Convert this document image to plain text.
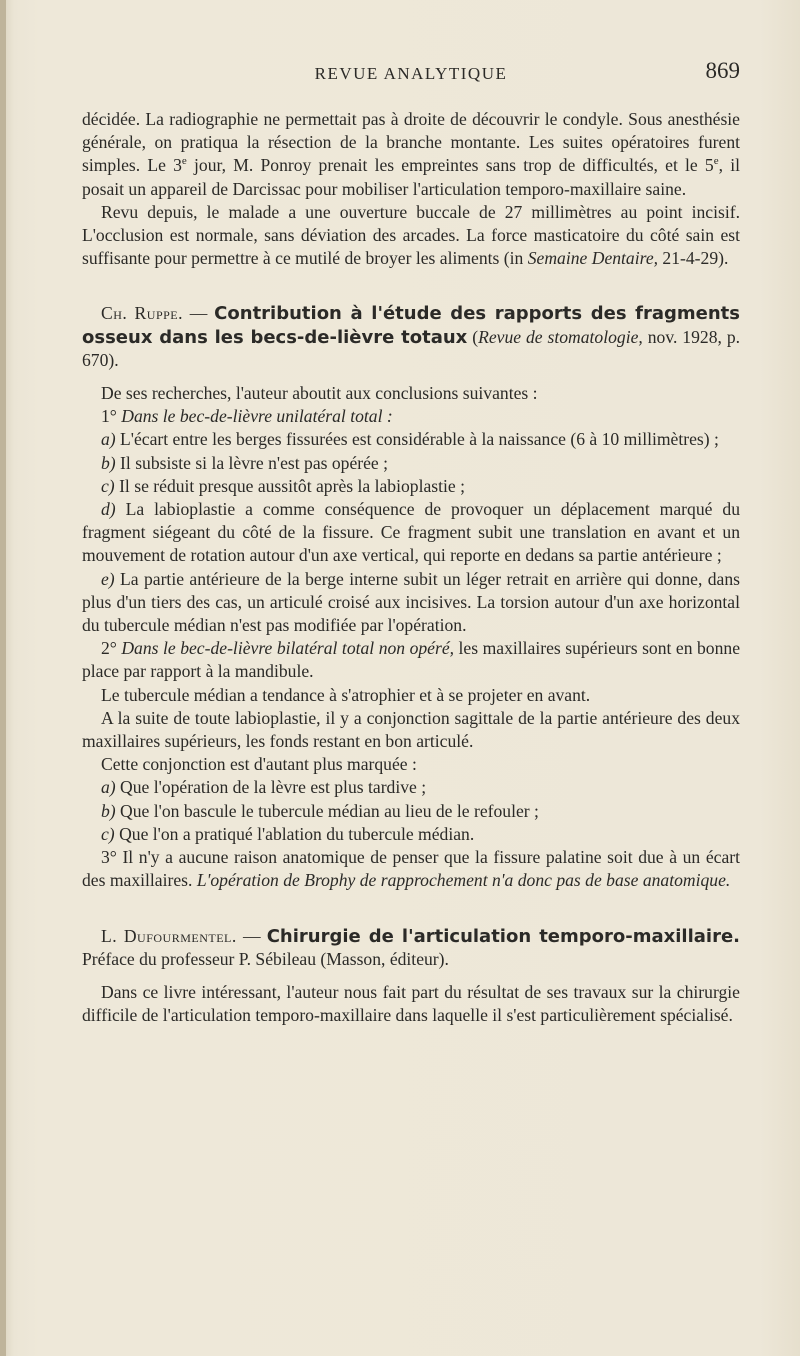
REVUE ANALYTIQUE	869

décidée. La radiographie ne permettait pas à droite de découvrir le condyle. Sous anesthésie générale, on pratiqua la résection de la branche montante. Les suites opératoires furent simples. Le 3e jour, M. Ponroy prenait les empreintes sans trop de difficultés, et le 5e, il posait un appareil de Darcissac pour mobiliser l'articulation temporo-maxillaire saine.

Revu depuis, le malade a une ouverture buccale de 27 millimètres au point incisif. L'occlusion est normale, sans déviation des arcades. La force masticatoire du côté sain est suffisante pour permettre à ce mutilé de broyer les aliments (in Semaine Dentaire, 21-4-29).

Ch. Ruppe. — Contribution à l'étude des rapports des fragments osseux dans les becs-de-lièvre totaux (Revue de stomatologie, nov. 1928, p. 670).

De ses recherches, l'auteur aboutit aux conclusions suivantes :

1° Dans le bec-de-lièvre unilatéral total :

a) L'écart entre les berges fissurées est considérable à la naissance (6 à 10 millimètres) ;

b) Il subsiste si la lèvre n'est pas opérée ;

c) Il se réduit presque aussitôt après la labioplastie ;

d) La labioplastie a comme conséquence de provoquer un déplacement marqué du fragment siégeant du côté de la fissure. Ce fragment subit une translation en avant et un mouvement de rotation autour d'un axe vertical, qui reporte en dedans sa partie antérieure ;

e) La partie antérieure de la berge interne subit un léger retrait en arrière qui donne, dans plus d'un tiers des cas, un articulé croisé aux incisives. La torsion autour d'un axe horizontal du tubercule médian n'est pas modifiée par l'opération.

2° Dans le bec-de-lièvre bilatéral total non opéré, les maxillaires supérieurs sont en bonne place par rapport à la mandibule.

Le tubercule médian a tendance à s'atrophier et à se projeter en avant.

A la suite de toute labioplastie, il y a conjonction sagittale de la partie antérieure des deux maxillaires supérieurs, les fonds restant en bon articulé.

Cette conjonction est d'autant plus marquée :

a) Que l'opération de la lèvre est plus tardive ;

b) Que l'on bascule le tubercule médian au lieu de le refouler ;

c) Que l'on a pratiqué l'ablation du tubercule médian.

3° Il n'y a aucune raison anatomique de penser que la fissure palatine soit due à un écart des maxillaires. L'opération de Brophy de rapprochement n'a donc pas de base anatomique.

L. Dufourmentel. — Chirurgie de l'articulation temporo-maxillaire. Préface du professeur P. Sébileau (Masson, éditeur).

Dans ce livre intéressant, l'auteur nous fait part du résultat de ses travaux sur la chirurgie difficile de l'articulation temporo-maxillaire dans laquelle il s'est particulièrement spécialisé.
